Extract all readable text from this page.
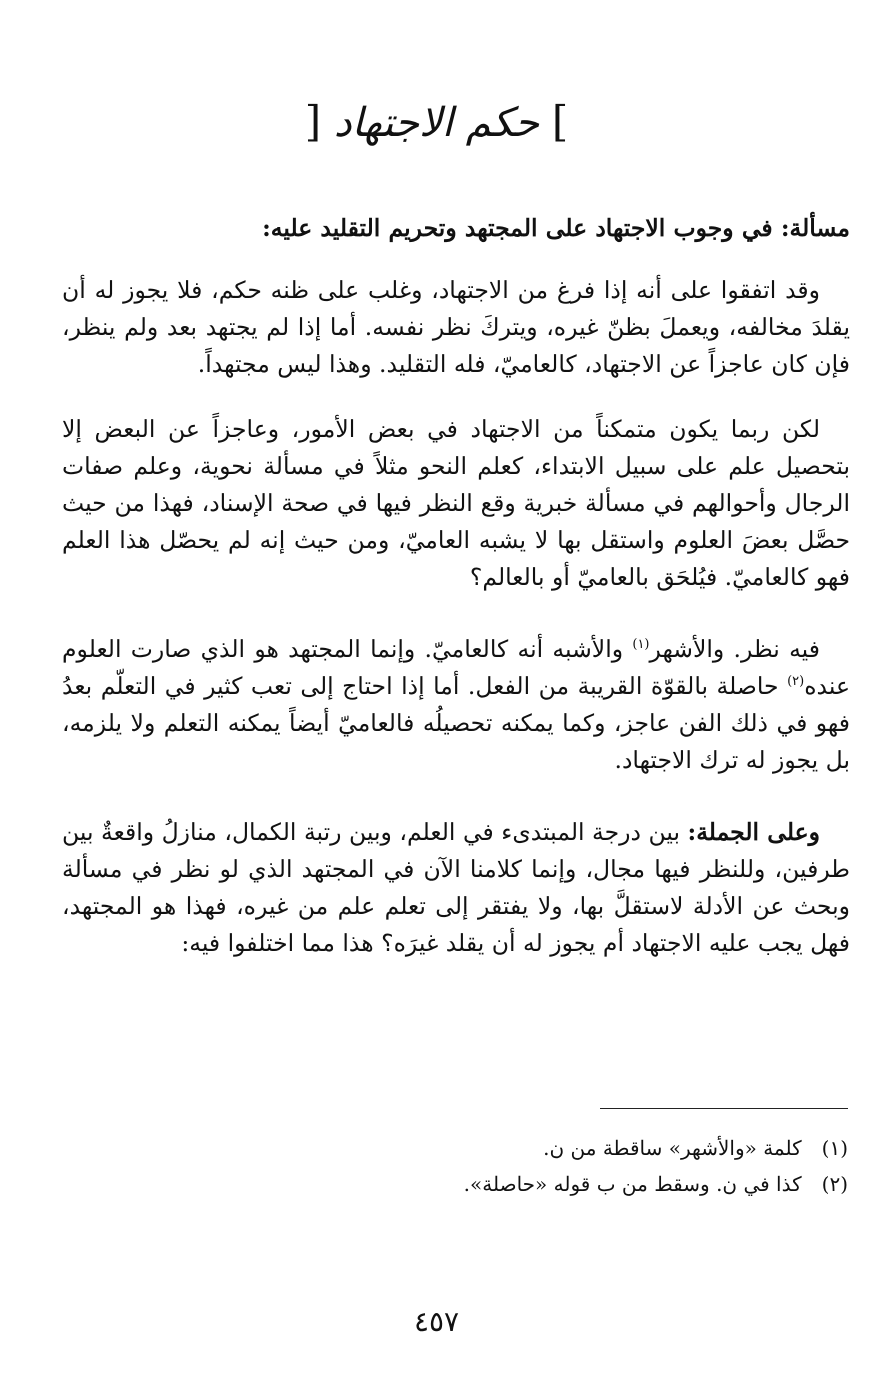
] حكم الاجتهاد [
مسألة: في وجوب الاجتهاد على المجتهد وتحريم التقليد عليه:
وقد اتفقوا على أنه إذا فرغ من الاجتهاد، وغلب على ظنه حكم، فلا يجوز له أن يقلدَ مخالفه، ويعملَ بظنّ غيره، ويتركَ نظر نفسه. أما إذا لم يجتهد بعد ولم ينظر، فإن كان عاجزاً عن الاجتهاد، كالعاميّ، فله التقليد. وهذا ليس مجتهداً.
لكن ربما يكون متمكناً من الاجتهاد في بعض الأمور، وعاجزاً عن البعض إلا بتحصيل علم على سبيل الابتداء، كعلم النحو مثلاً في مسألة نحوية، وعلم صفات الرجال وأحوالهم في مسألة خبرية وقع النظر فيها في صحة الإسناد، فهذا من حيث حصَّل بعضَ العلوم واستقل بها لا يشبه العاميّ، ومن حيث إنه لم يحصّل هذا العلم فهو كالعاميّ. فيُلحَق بالعاميّ أو بالعالم؟
فيه نظر. والأشهر$^{(١)}$ والأشبه أنه كالعاميّ. وإنما المجتهد هو الذي صارت العلوم عنده$^{(٢)}$ حاصلة بالقوّة القريبة من الفعل. أما إذا احتاج إلى تعب كثير في التعلّم بعدُ فهو في ذلك الفن عاجز، وكما يمكنه تحصيلُه فالعاميّ أيضاً يمكنه التعلم ولا يلزمه، بل يجوز له ترك الاجتهاد.
وعلى الجملة: بين درجة المبتدىء في العلم، وبين رتبة الكمال، منازلُ واقعةٌ بين طرفين، وللنظر فيها مجال، وإنما كلامنا الآن في المجتهد الذي لو نظر في مسألة وبحث عن الأدلة لاستقلَّ بها، ولا يفتقر إلى تعلم علم من غيره، فهذا هو المجتهد، فهل يجب عليه الاجتهاد أم يجوز له أن يقلد غيرَه؟ هذا مما اختلفوا فيه:
(١) كلمة «والأشهر» ساقطة من ن.
(٢) كذا في ن. وسقط من ب قوله «حاصلة».
٤٥٧
